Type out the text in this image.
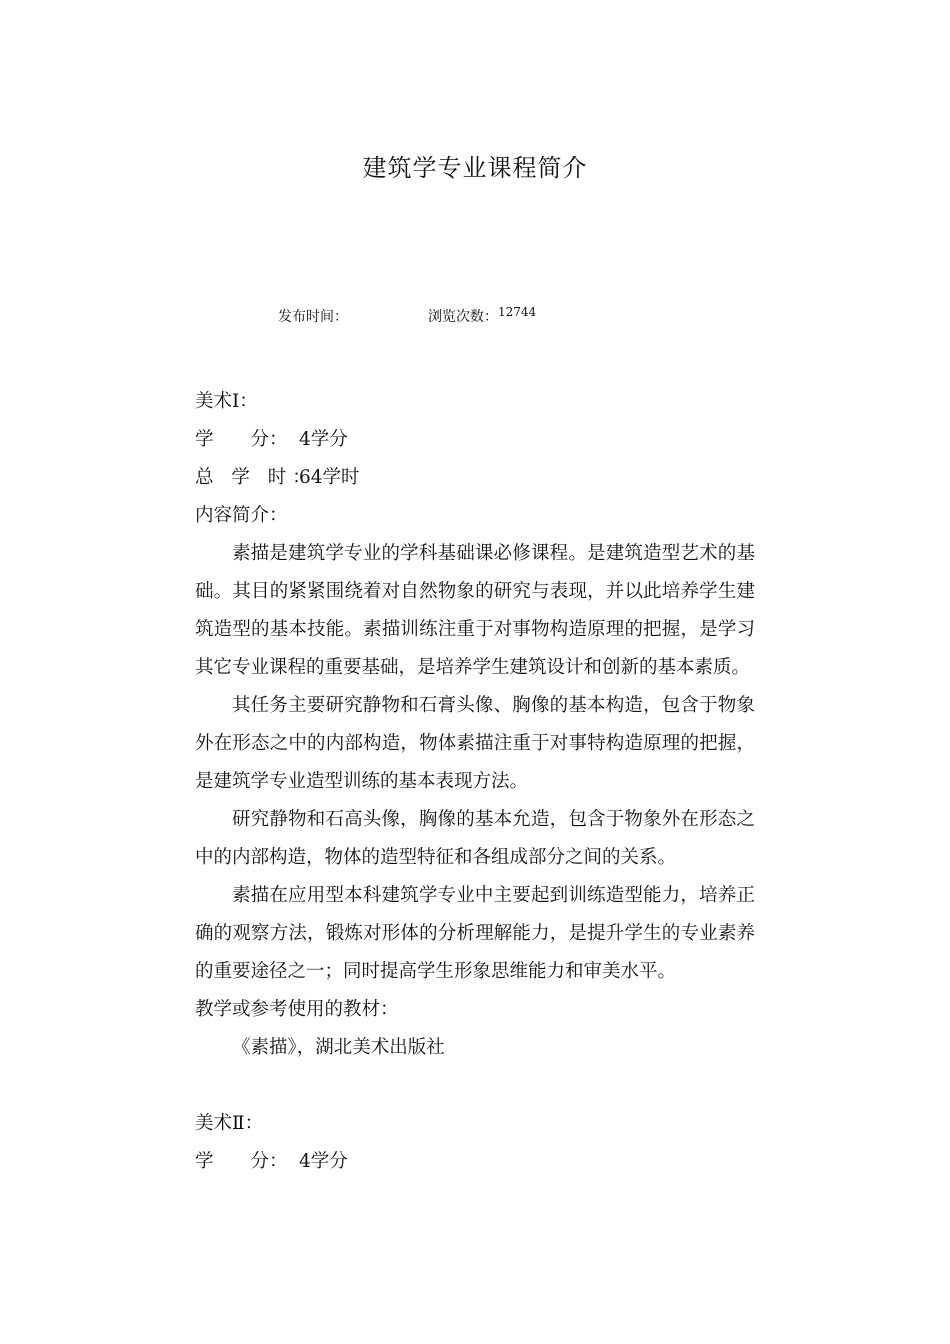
建筑学专业课程简介
发布时间：	浏览次数：12744
美术Ⅰ：
学　　分： 4学分
总 学 时：64学时
内容简介：
素描是建筑学专业的学科基础课必修课程。是建筑造型艺术的基础。其目的紧紧围绕着对自然物象的研究与表现，并以此培养学生建筑造型的基本技能。素描训练注重于对事物构造原理的把握，是学习其它专业课程的重要基础，是培养学生建筑设计和创新的基本素质。
其任务主要研究静物和石膏头像、胸像的基本构造，包含于物象外在形态之中的内部构造，物体素描注重于对事特构造原理的把握，是建筑学专业造型训练的基本表现方法。
研究静物和石高头像，胸像的基本允造，包含于物象外在形态之中的内部构造，物体的造型特征和各组成部分之间的关系。
素描在应用型本科建筑学专业中主要起到训练造型能力，培养正确的观察方法，锻炼对形体的分析理解能力，是提升学生的专业素养的重要途径之一；同时提高学生形象思维能力和审美水平。
教学或参考使用的教材：
《素描》，湖北美术出版社
美术Ⅱ：
学　　分： 4学分
